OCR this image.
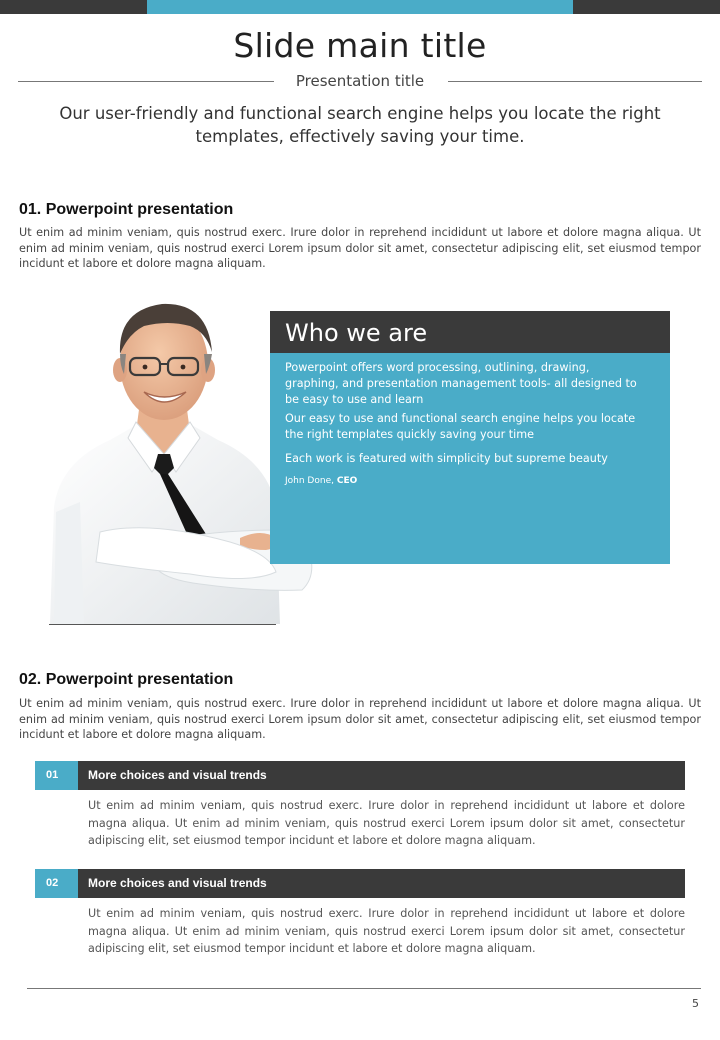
Slide main title
Presentation title

Our user-friendly and functional search engine helps you locate the right templates, effectively saving your time.

01. Powerpoint presentation

Ut enim ad minim veniam, quis nostrud exerc. Irure dolor in reprehend incididunt ut labore et dolore magna aliqua. Ut enim ad minim veniam, quis nostrud exerci Lorem ipsum dolor sit amet, consectetur adipiscing elit, set eiusmod tempor incidunt et labore et dolore magna aliquam.

Who we are

Powerpoint offers word processing, outlining, drawing, graphing, and presentation management tools- all designed to be easy to use and learn

Our easy to use and functional search engine helps you locate the right templates quickly saving your time

Each work is featured with simplicity but supreme beauty

John Done, CEO
02. Powerpoint presentation

Ut enim ad minim veniam, quis nostrud exerc. Irure dolor in reprehend incididunt ut labore et dolore magna aliqua. Ut enim ad minim veniam, quis nostrud exerci Lorem ipsum dolor sit amet, consectetur adipiscing elit, set eiusmod tempor incidunt et labore et dolore magna aliquam.

01	More choices and visual trends

Ut enim ad minim veniam, quis nostrud exerc. Irure dolor in reprehend incididunt ut labore et dolore magna aliqua. Ut enim ad minim veniam, quis nostrud exerci Lorem ipsum dolor sit amet, consectetur adipiscing elit, set eiusmod tempor incidunt et labore et dolore magna aliquam.

02	More choices and visual trends

Ut enim ad minim veniam, quis nostrud exerc. Irure dolor in reprehend incididunt ut labore et dolore magna aliqua. Ut enim ad minim veniam, quis nostrud exerci Lorem ipsum dolor sit amet, consectetur adipiscing elit, set eiusmod tempor incidunt et labore et dolore magna aliquam.

5
